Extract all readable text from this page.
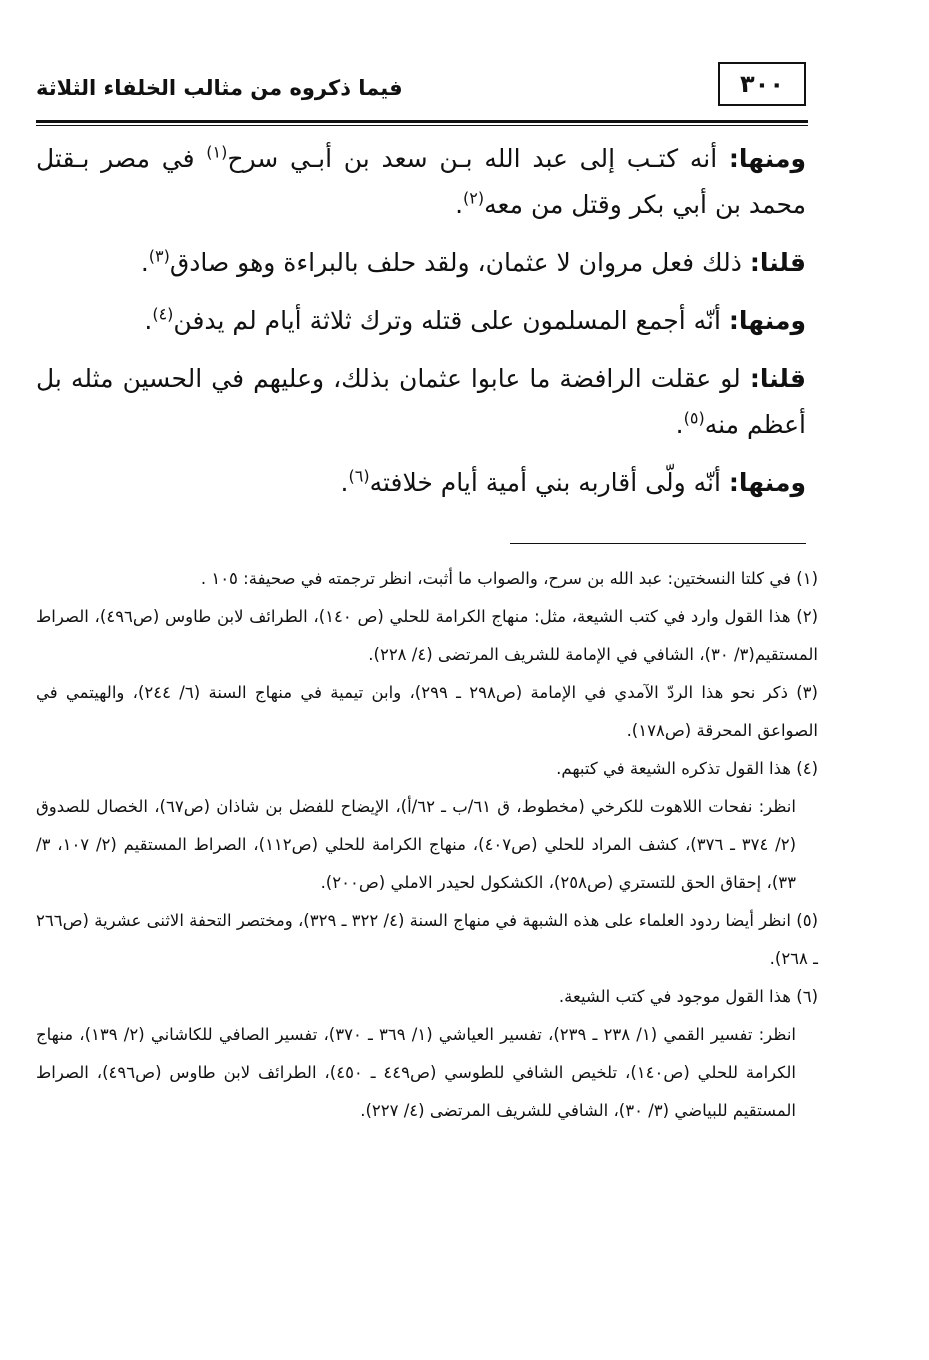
٣٠٠
فيما ذكروه من مثالب الخلفاء الثلاثة

ومنها: أنه كتـب إلى عبد الله بـن سعد بن أبـي سرح$^{(١)}$ في مصر بـقتل محمد بن أبي بكر وقتل من معه$^{(٢)}$.

قلنا: ذلك فعل مروان لا عثمان، ولقد حلف بالبراءة وهو صادق$^{(٣)}$.

ومنها: أنّه أجمع المسلمون على قتله وترك ثلاثة أيام لم يدفن$^{(٤)}$.

قلنا: لو عقلت الرافضة ما عابوا عثمان بذلك، وعليهم في الحسين مثله بل أعظم منه$^{(٥)}$.

ومنها: أنّه ولّى أقاربه بني أمية أيام خلافته$^{(٦)}$.

(١) في كلتا النسختين: عبد الله بن سرح، والصواب ما أثبت، انظر ترجمته في صحيفة: ١٠٥ .

(٢) هذا القول وارد في كتب الشيعة، مثل: منهاج الكرامة للحلي (ص ١٤٠)، الطرائف لابن طاوس (ص٤٩٦)، الصراط المستقيم(٣/ ٣٠)، الشافي في الإمامة للشريف المرتضى (٤/ ٢٢٨).

(٣) ذكر نحو هذا الردّ الآمدي في الإمامة (ص٢٩٨ ـ ٢٩٩)، وابن تيمية في منهاج السنة (٦/ ٢٤٤)، والهيتمي في الصواعق المحرقة (ص١٧٨).

(٤) هذا القول تذكره الشيعة في كتبهم.

انظر: نفحات اللاهوت للكرخي (مخطوط، ق ٦١/ب ـ ٦٢/أ)، الإيضاح للفضل بن شاذان (ص٦٧)، الخصال للصدوق (٢/ ٣٧٤ ـ ٣٧٦)، كشف المراد للحلي (ص٤٠٧)، منهاج الكرامة للحلي (ص١١٢)، الصراط المستقيم (٢/ ١٠٧، ٣/ ٣٣)، إحقاق الحق للتستري (ص٢٥٨)، الكشكول لحيدر الاملي (ص٢٠٠).

(٥) انظر أيضا ردود العلماء على هذه الشبهة في منهاج السنة (٤/ ٣٢٢ ـ ٣٢٩)، ومختصر التحفة الاثنى عشرية (ص٢٦٦ ـ ٢٦٨).

(٦) هذا القول موجود في كتب الشيعة.

انظر: تفسير القمي (١/ ٢٣٨ ـ ٢٣٩)، تفسير العياشي (١/ ٣٦٩ ـ ٣٧٠)، تفسير الصافي للكاشاني (٢/ ١٣٩)، منهاج الكرامة للحلي (ص١٤٠)، تلخيص الشافي للطوسي (ص٤٤٩ ـ ٤٥٠)، الطرائف لابن طاوس (ص٤٩٦)، الصراط المستقيم للبياضي (٣/ ٣٠)، الشافي للشريف المرتضى (٤/ ٢٢٧).
